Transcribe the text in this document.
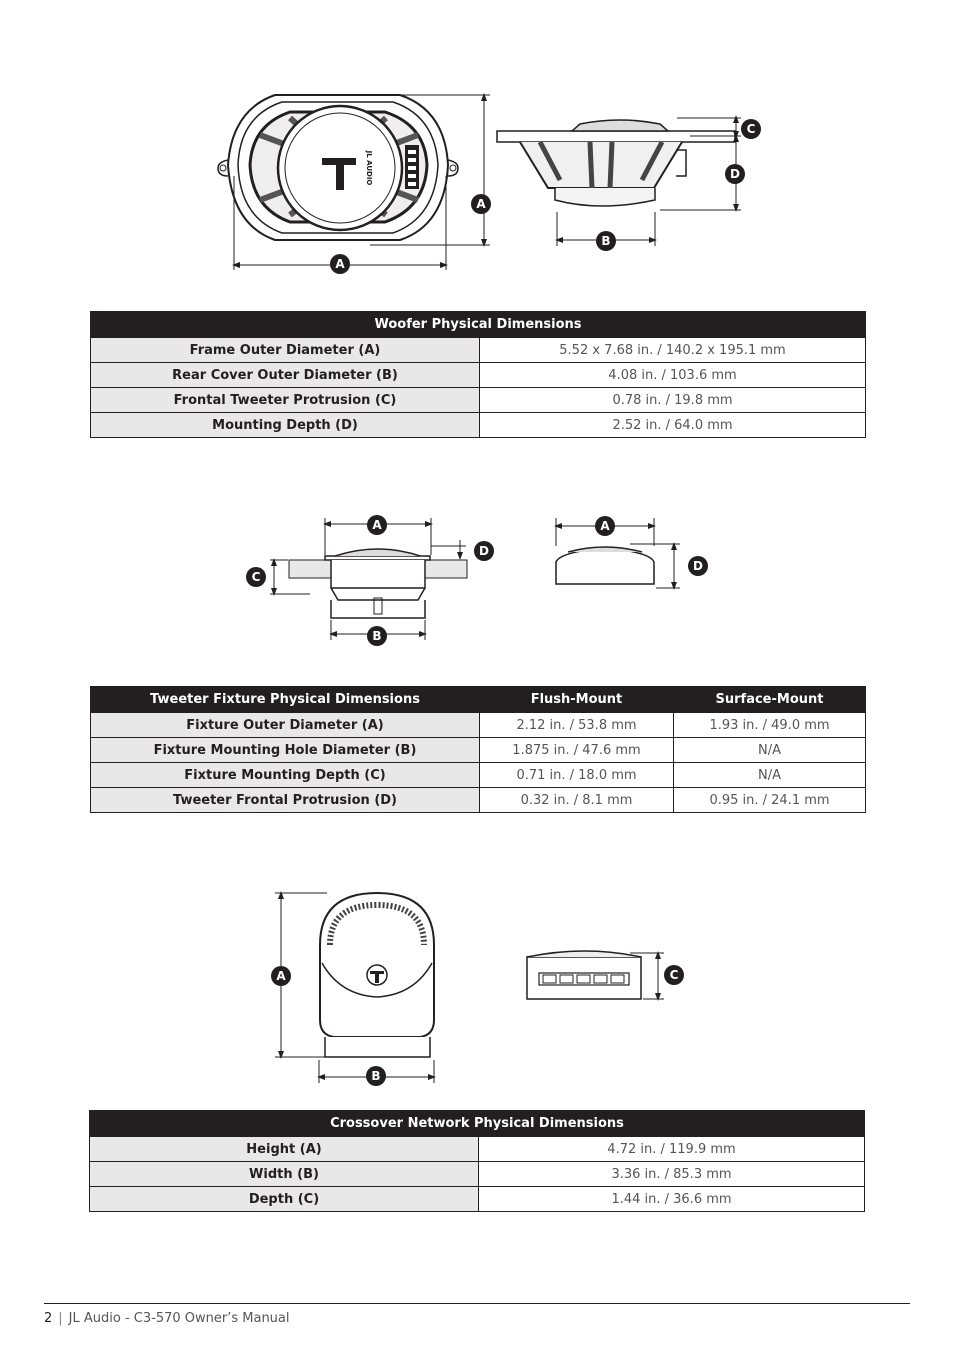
JL AUDIO
A
A
B
C
D
Woofer Physical Dimensions	
Frame Outer Diameter (A)	5.52 x 7.68 in. / 140.2 x 195.1 mm
Rear Cover Outer Diameter (B)	4.08 in. / 103.6 mm
Frontal Tweeter Protrusion (C)	0.78 in. / 19.8 mm
Mounting Depth (D)	2.52 in. / 64.0 mm
A
B
C
D
A
D
Tweeter Fixture Physical Dimensions	Flush-Mount	Surface-Mount
Fixture Outer Diameter (A)	2.12 in. / 53.8 mm	1.93 in. / 49.0 mm
Fixture Mounting Hole Diameter (B)	1.875 in. / 47.6 mm	N/A
Fixture Mounting Depth (C)	0.71 in. / 18.0 mm	N/A
Tweeter Frontal Protrusion (D)	0.32 in. / 8.1 mm	0.95 in. / 24.1 mm
A
B
C
Crossover Network Physical Dimensions	
Height (A)	4.72 in. / 119.9 mm
Width (B)	3.36 in. / 85.3 mm
Depth (C)	1.44 in. / 36.6 mm
2 | JL Audio - C3-570 Owner’s Manual
